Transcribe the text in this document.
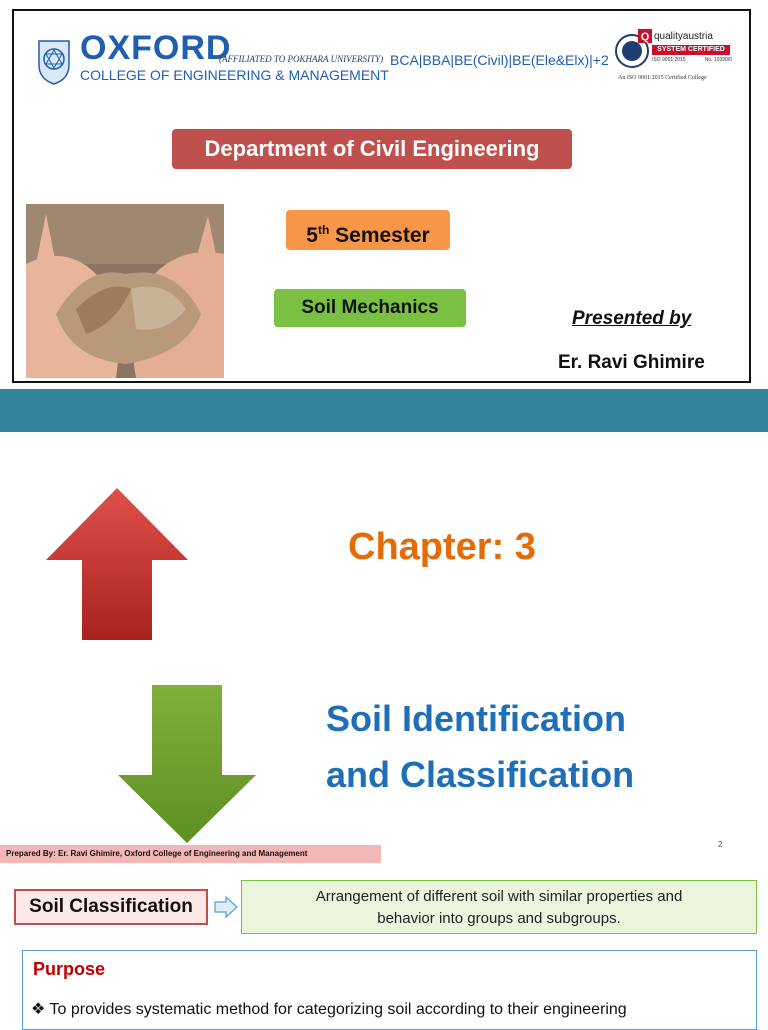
OXFORD
COLLEGE OF ENGINEERING & MANAGEMENT
(AFFILIATED TO POKHARA UNIVERSITY) BCA|BBA|BE(Civil)|BE(Ele&Elx)|+2
Q qualityaustria
SYSTEM CERTIFIED
ISO 9001:2015	No. 10390/0
An ISO 9001:2015 Certified College
Department of Civil Engineering
5th Semester
Soil Mechanics
Presented by
Er. Ravi Ghimire
Chapter: 3
Soil Identification
and Classification
Prepared By: Er. Ravi Ghimire, Oxford College of Engineering and Management
2
Soil Classification	Arrangement of different soil with similar properties and
behavior into groups and subgroups.
Purpose
❖ To provides systematic method for categorizing soil according to their engineering
